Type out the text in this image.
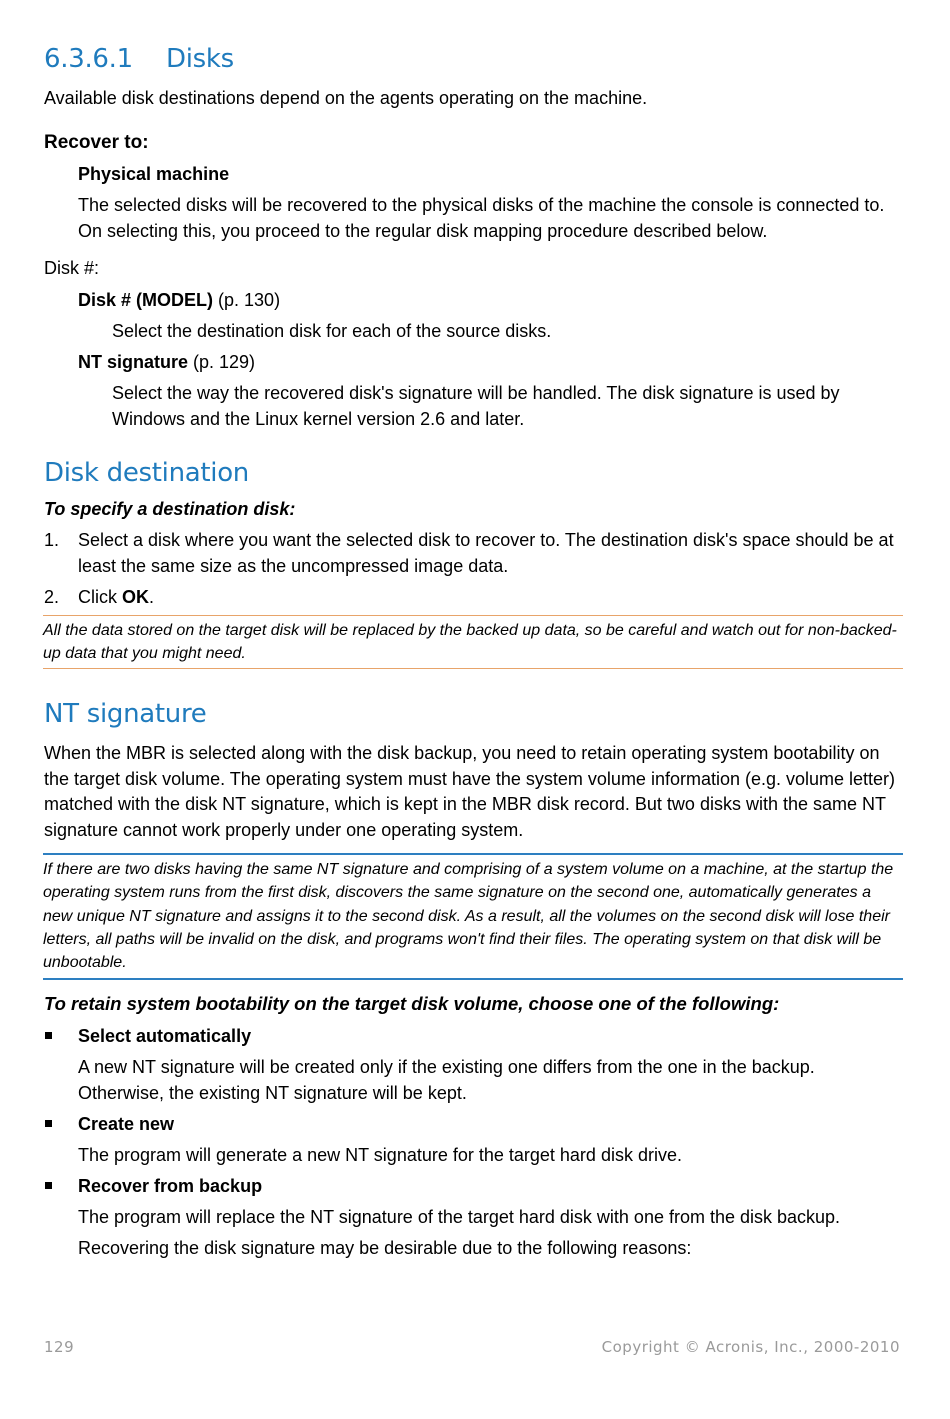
6.3.6.1 Disks

Available disk destinations depend on the agents operating on the machine.

Recover to:

Physical machine

The selected disks will be recovered to the physical disks of the machine the console is connected to. On selecting this, you proceed to the regular disk mapping procedure described below.

Disk #:

Disk # (MODEL) (p. 130)

Select the destination disk for each of the source disks.

NT signature (p. 129)

Select the way the recovered disk's signature will be handled. The disk signature is used by Windows and the Linux kernel version 2.6 and later.

Disk destination

To specify a destination disk:

1.	Select a disk where you want the selected disk to recover to. The destination disk's space should be at least the same size as the uncompressed image data.
2.	Click OK.

All the data stored on the target disk will be replaced by the backed up data, so be careful and watch out for non-backed-up data that you might need.

NT signature

When the MBR is selected along with the disk backup, you need to retain operating system bootability on the target disk volume. The operating system must have the system volume information (e.g. volume letter) matched with the disk NT signature, which is kept in the MBR disk record. But two disks with the same NT signature cannot work properly under one operating system.

If there are two disks having the same NT signature and comprising of a system volume on a machine, at the startup the operating system runs from the first disk, discovers the same signature on the second one, automatically generates a new unique NT signature and assigns it to the second disk. As a result, all the volumes on the second disk will lose their letters, all paths will be invalid on the disk, and programs won't find their files. The operating system on that disk will be unbootable.

To retain system bootability on the target disk volume, choose one of the following:

Select automatically

A new NT signature will be created only if the existing one differs from the one in the backup. Otherwise, the existing NT signature will be kept.

Create new

The program will generate a new NT signature for the target hard disk drive.

Recover from backup

The program will replace the NT signature of the target hard disk with one from the disk backup.

Recovering the disk signature may be desirable due to the following reasons:

129	Copyright © Acronis, Inc., 2000-2010
